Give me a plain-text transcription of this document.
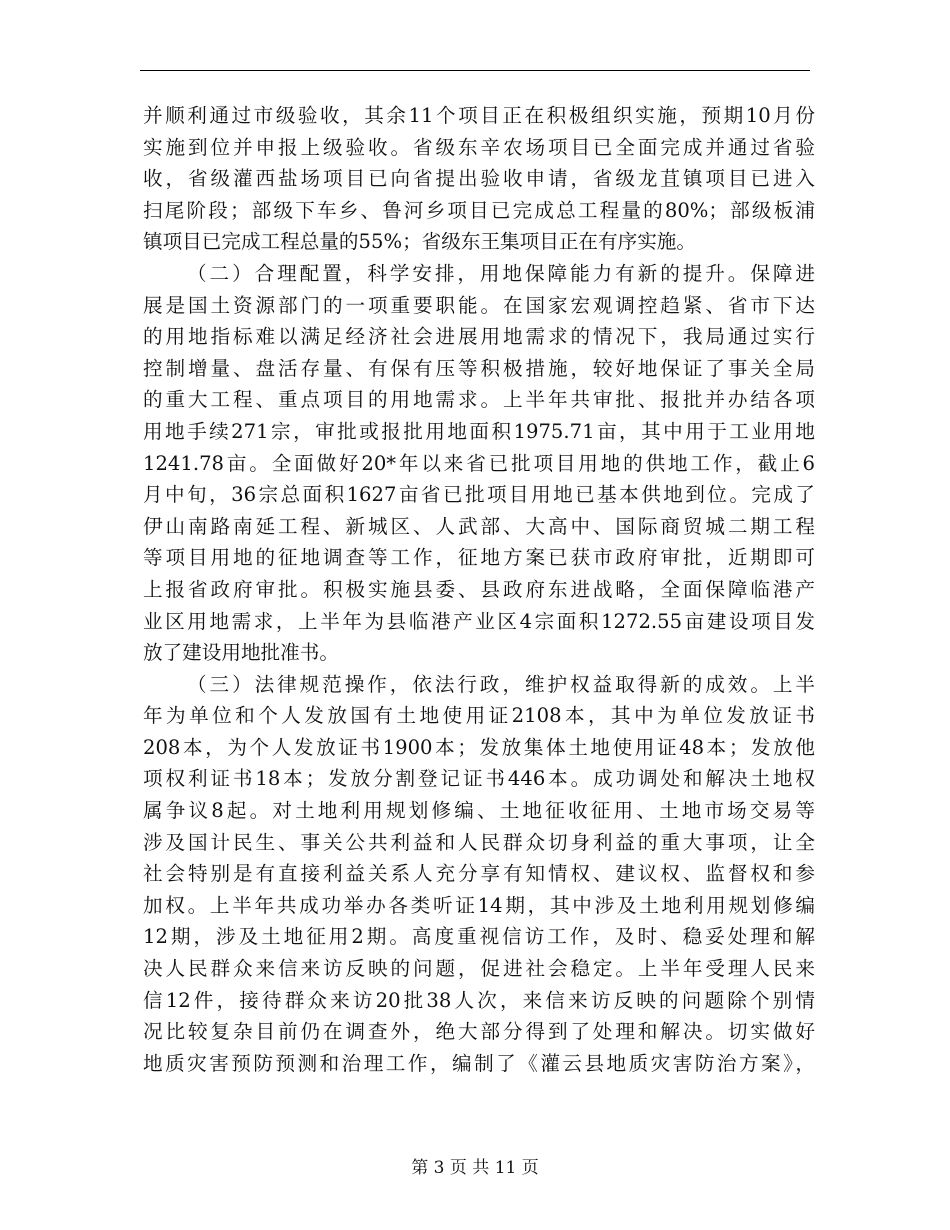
并顺利通过市级验收，其余11个项目正在积极组织实施，预期10月份
实施到位并申报上级验收。省级东辛农场项目已全面完成并通过省验
收，省级灌西盐场项目已向省提出验收申请，省级龙苴镇项目已进入
扫尾阶段；部级下车乡、鲁河乡项目已完成总工程量的80%；部级板浦
镇项目已完成工程总量的55%；省级东王集项目正在有序实施。
（二）合理配置，科学安排，用地保障能力有新的提升。保障进
展是国土资源部门的一项重要职能。在国家宏观调控趋紧、省市下达
的用地指标难以满足经济社会进展用地需求的情况下，我局通过实行
控制增量、盘活存量、有保有压等积极措施，较好地保证了事关全局
的重大工程、重点项目的用地需求。上半年共审批、报批并办结各项
用地手续271宗，审批或报批用地面积1975.71亩，其中用于工业用地
1241.78亩。全面做好20*年以来省已批项目用地的供地工作，截止6
月中旬，36宗总面积1627亩省已批项目用地已基本供地到位。完成了
伊山南路南延工程、新城区、人武部、大高中、国际商贸城二期工程
等项目用地的征地调查等工作，征地方案已获市政府审批，近期即可
上报省政府审批。积极实施县委、县政府东进战略，全面保障临港产
业区用地需求，上半年为县临港产业区4宗面积1272.55亩建设项目发
放了建设用地批准书。
（三）法律规范操作，依法行政，维护权益取得新的成效。上半
年为单位和个人发放国有土地使用证2108本，其中为单位发放证书
208本，为个人发放证书1900本；发放集体土地使用证48本；发放他
项权利证书18本；发放分割登记证书446本。成功调处和解决土地权
属争议8起。对土地利用规划修编、土地征收征用、土地市场交易等
涉及国计民生、事关公共利益和人民群众切身利益的重大事项，让全
社会特别是有直接利益关系人充分享有知情权、建议权、监督权和参
加权。上半年共成功举办各类听证14期，其中涉及土地利用规划修编
12期，涉及土地征用2期。高度重视信访工作，及时、稳妥处理和解
决人民群众来信来访反映的问题，促进社会稳定。上半年受理人民来
信12件，接待群众来访20批38人次，来信来访反映的问题除个别情
况比较复杂目前仍在调查外，绝大部分得到了处理和解决。切实做好
地质灾害预防预测和治理工作，编制了《灌云县地质灾害防治方案》，
第 3 页 共 11 页
